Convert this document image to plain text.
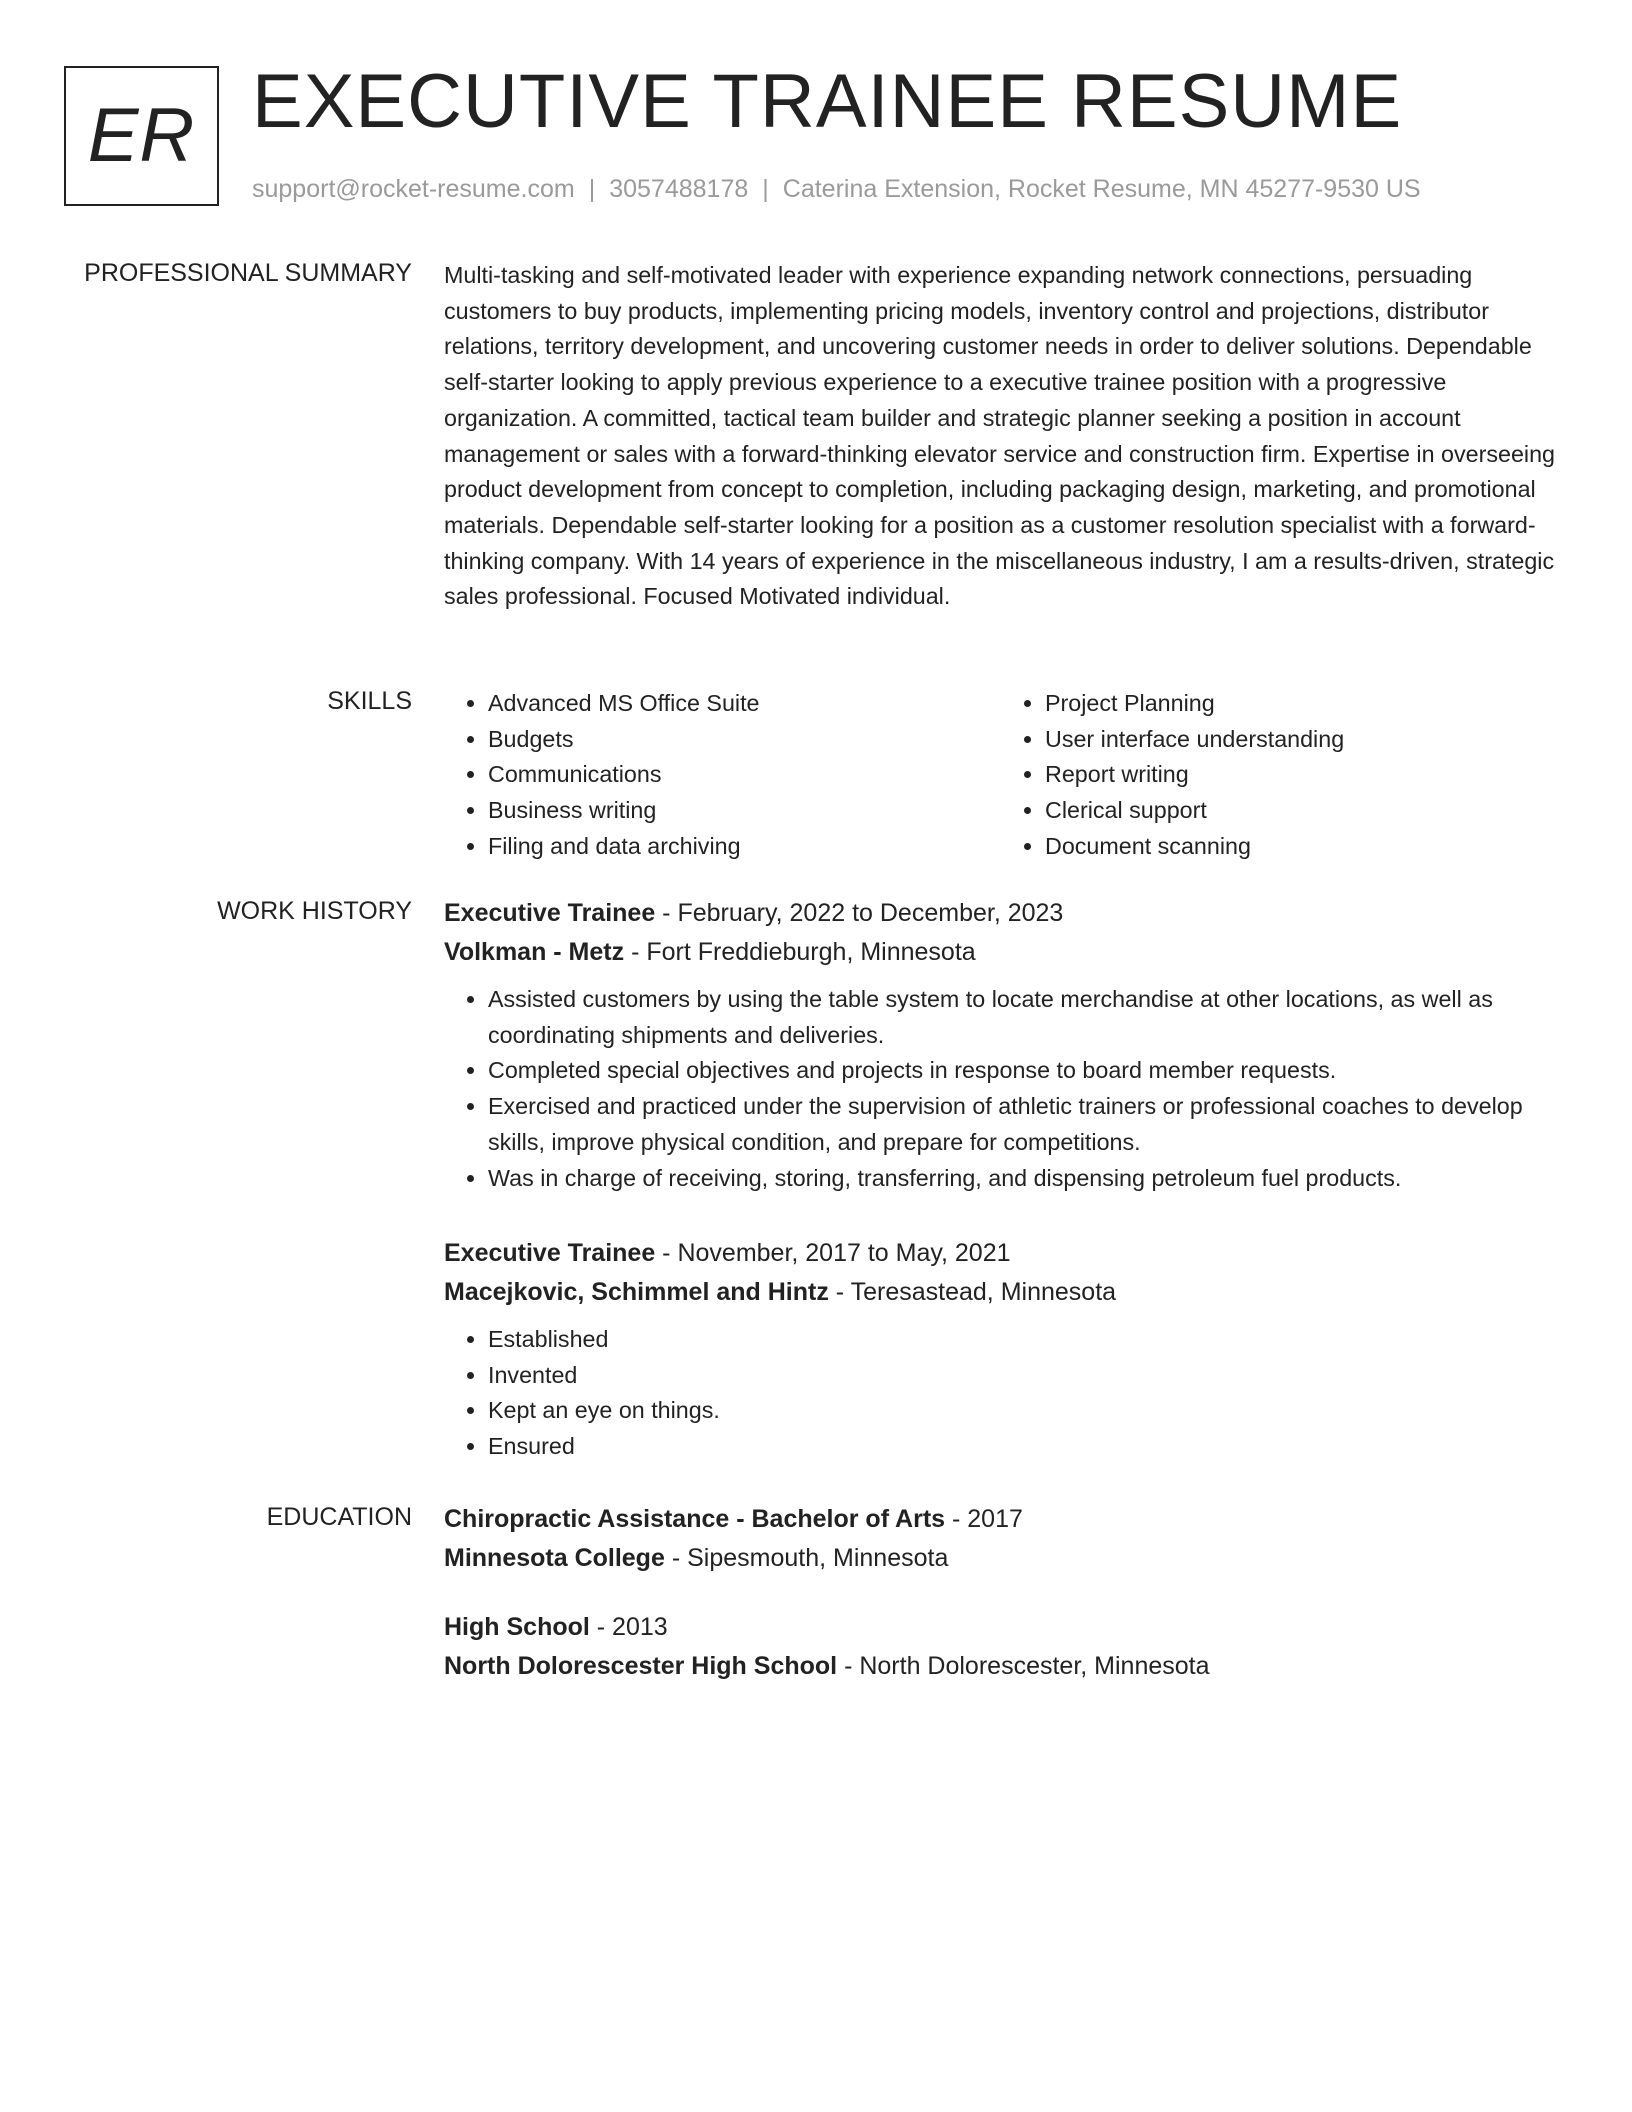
ER EXECUTIVE TRAINEE RESUME
support@rocket-resume.com | 3057488178 | Caterina Extension, Rocket Resume, MN 45277-9530 US
PROFESSIONAL SUMMARY Multi-tasking and self-motivated leader with experience expanding network connections, persuading customers to buy products, implementing pricing models, inventory control and projections, distributor relations, territory development, and uncovering customer needs in order to deliver solutions. Dependable self-starter looking to apply previous experience to a executive trainee position with a progressive organization. A committed, tactical team builder and strategic planner seeking a position in account management or sales with a forward-thinking elevator service and construction firm. Expertise in overseeing product development from concept to completion, including packaging design, marketing, and promotional materials. Dependable self-starter looking for a position as a customer resolution specialist with a forward-thinking company. With 14 years of experience in the miscellaneous industry, I am a results-driven, strategic sales professional. Focused Motivated individual.

SKILLS
•	Advanced MS Office Suite
• Budgets
• Communications
• Business writing
• Filing and data archiving
• Project Planning
• User interface understanding
• Report writing
• Clerical support
• Document scanning
WORK HISTORY Executive Trainee - February, 2022 to December, 2023
Volkman - Metz - Fort Freddieburgh, Minnesota
• Assisted customers by using the table system to locate merchandise at other locations, as well as coordinating shipments and deliveries.
• Completed special objectives and projects in response to board member requests.
• Exercised and practiced under the supervision of athletic trainers or professional coaches to develop skills, improve physical condition, and prepare for competitions.
• Was in charge of receiving, storing, transferring, and dispensing petroleum fuel products.
Executive Trainee - November, 2017 to May, 2021
Macejkovic, Schimmel and Hintz - Teresastead, Minnesota
• Established
• Invented
• Kept an eye on things.
• Ensured
EDUCATION Chiropractic Assistance - Bachelor of Arts - 2017
Minnesota College - Sipesmouth, Minnesota
High School - 2013
North Dolorescester High School - North Dolorescester, Minnesota
